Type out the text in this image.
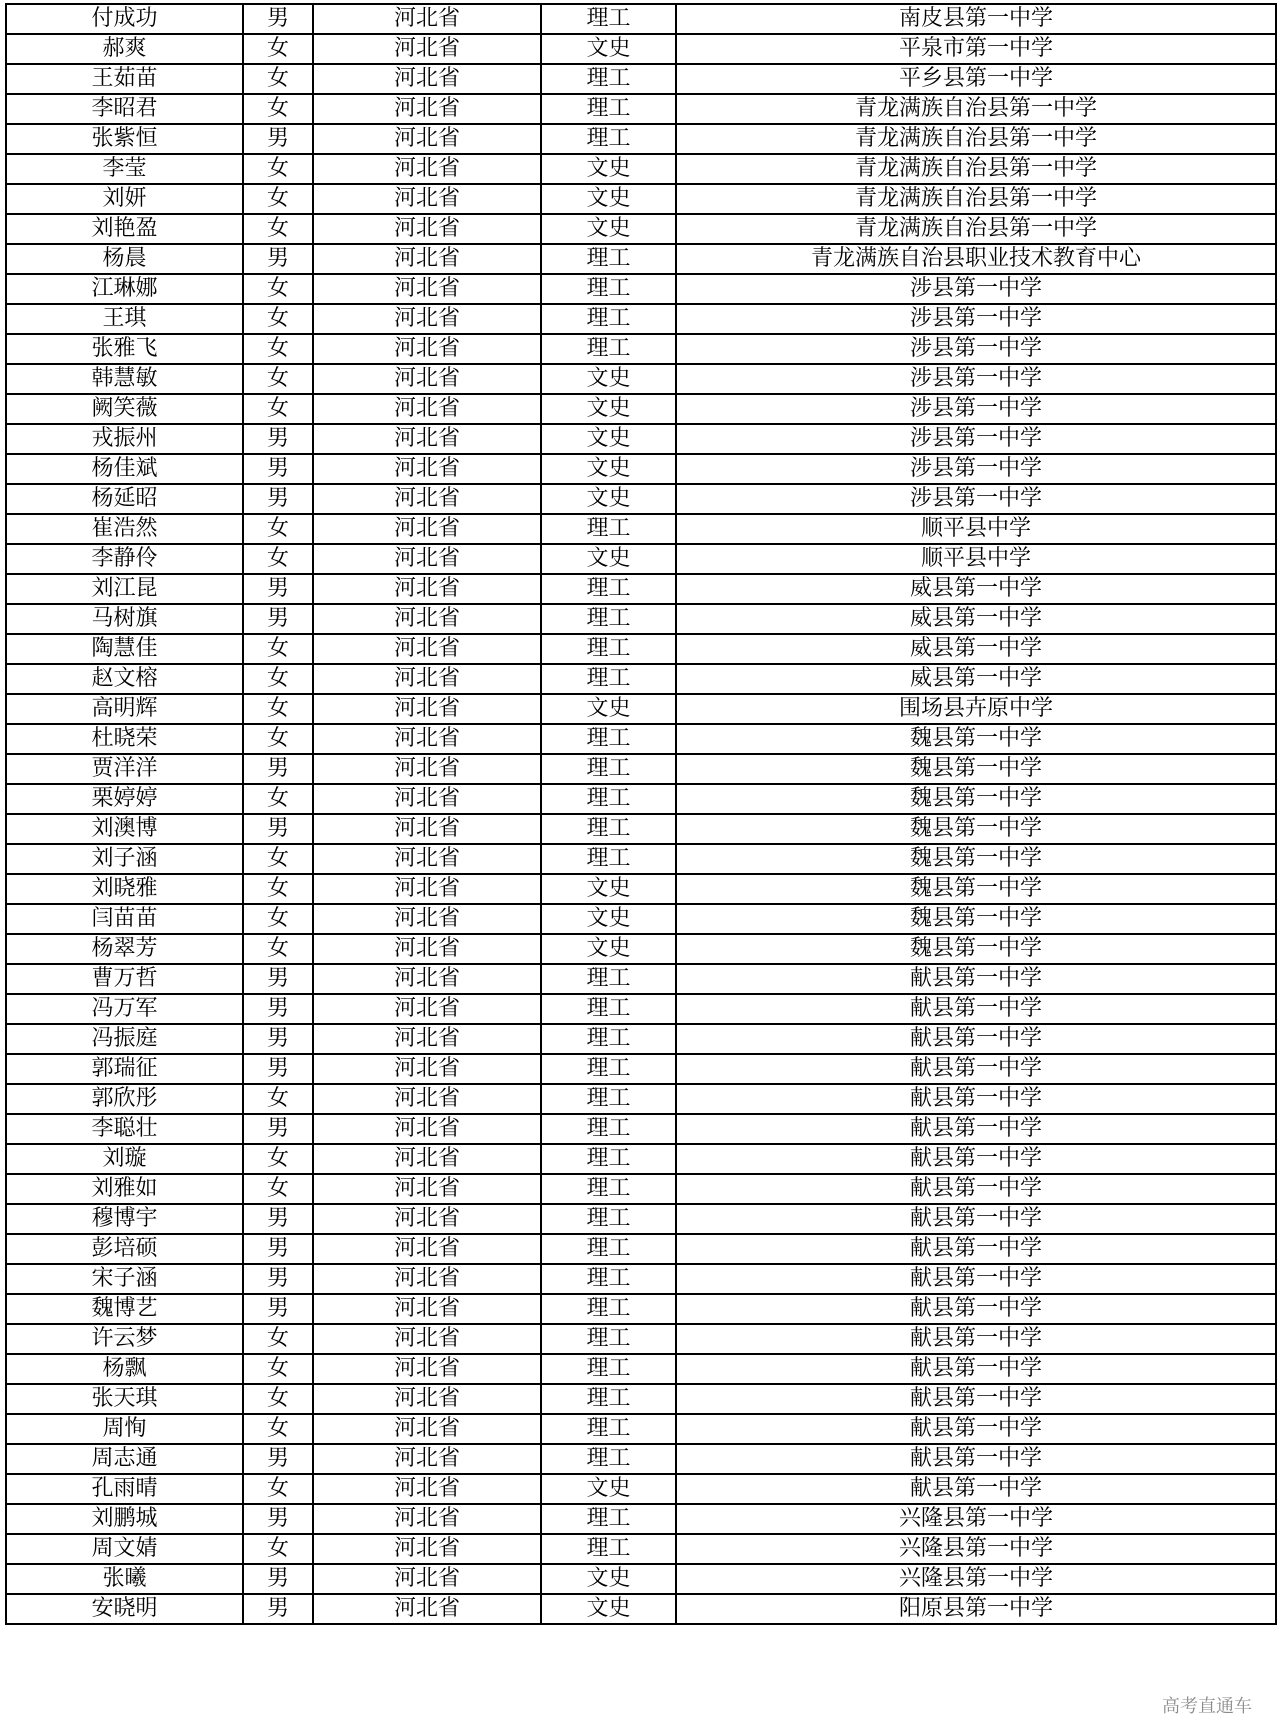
付成功	男	河北省	理工	南皮县第一中学
郝爽	女	河北省	文史	平泉市第一中学
王茹苗	女	河北省	理工	平乡县第一中学
李昭君	女	河北省	理工	青龙满族自治县第一中学
张紫恒	男	河北省	理工	青龙满族自治县第一中学
李莹	女	河北省	文史	青龙满族自治县第一中学
刘妍	女	河北省	文史	青龙满族自治县第一中学
刘艳盈	女	河北省	文史	青龙满族自治县第一中学
杨晨	男	河北省	理工	青龙满族自治县职业技术教育中心
江琳娜	女	河北省	理工	涉县第一中学
王琪	女	河北省	理工	涉县第一中学
张雅飞	女	河北省	理工	涉县第一中学
韩慧敏	女	河北省	文史	涉县第一中学
阙笑薇	女	河北省	文史	涉县第一中学
戎振州	男	河北省	文史	涉县第一中学
杨佳斌	男	河北省	文史	涉县第一中学
杨延昭	男	河北省	文史	涉县第一中学
崔浩然	女	河北省	理工	顺平县中学
李静伶	女	河北省	文史	顺平县中学
刘江昆	男	河北省	理工	威县第一中学
马树旗	男	河北省	理工	威县第一中学
陶慧佳	女	河北省	理工	威县第一中学
赵文榕	女	河北省	理工	威县第一中学
高明辉	女	河北省	文史	围场县卉原中学
杜晓荣	女	河北省	理工	魏县第一中学
贾洋洋	男	河北省	理工	魏县第一中学
栗婷婷	女	河北省	理工	魏县第一中学
刘澳博	男	河北省	理工	魏县第一中学
刘子涵	女	河北省	理工	魏县第一中学
刘晓雅	女	河北省	文史	魏县第一中学
闫苗苗	女	河北省	文史	魏县第一中学
杨翠芳	女	河北省	文史	魏县第一中学
曹万哲	男	河北省	理工	献县第一中学
冯万军	男	河北省	理工	献县第一中学
冯振庭	男	河北省	理工	献县第一中学
郭瑞征	男	河北省	理工	献县第一中学
郭欣彤	女	河北省	理工	献县第一中学
李聪壮	男	河北省	理工	献县第一中学
刘璇	女	河北省	理工	献县第一中学
刘雅如	女	河北省	理工	献县第一中学
穆博宇	男	河北省	理工	献县第一中学
彭培硕	男	河北省	理工	献县第一中学
宋子涵	男	河北省	理工	献县第一中学
魏博艺	男	河北省	理工	献县第一中学
许云梦	女	河北省	理工	献县第一中学
杨飘	女	河北省	理工	献县第一中学
张天琪	女	河北省	理工	献县第一中学
周恂	女	河北省	理工	献县第一中学
周志通	男	河北省	理工	献县第一中学
孔雨晴	女	河北省	文史	献县第一中学
刘鹏城	男	河北省	理工	兴隆县第一中学
周文婧	女	河北省	理工	兴隆县第一中学
张曦	男	河北省	文史	兴隆县第一中学
安晓明	男	河北省	文史	阳原县第一中学
高考直通车
